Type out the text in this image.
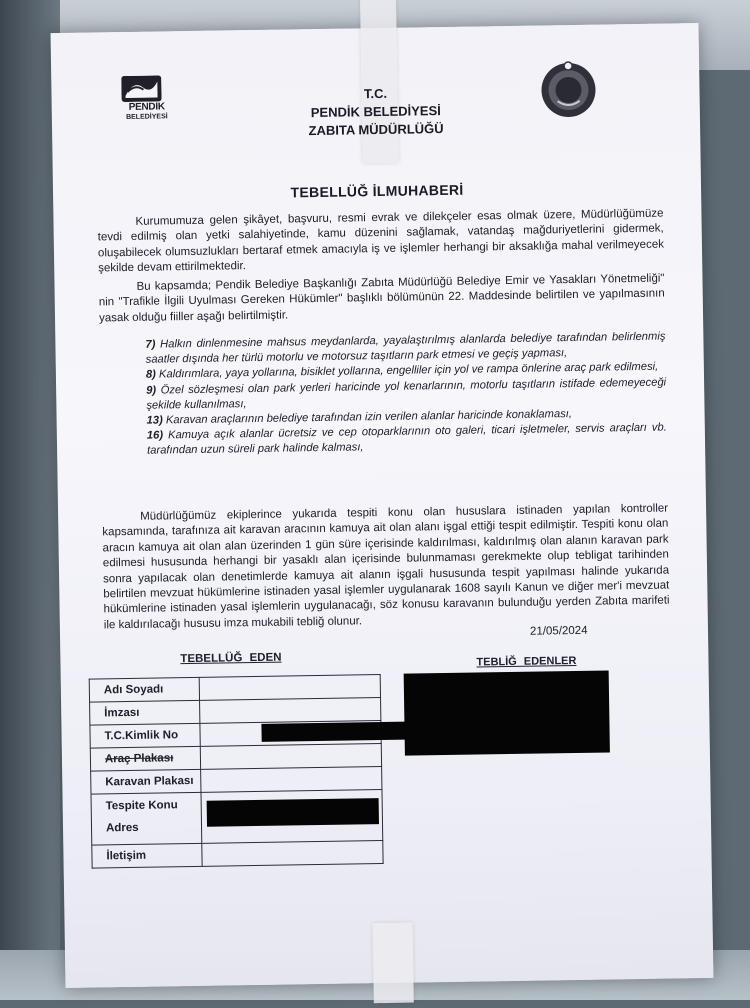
PENDIK
BELEDİYESİ
T.C.
PENDİK BELEDİYESİ
ZABITA MÜDÜRLÜĞÜ
TEBELLÜĞ İLMUHABERİ

Kurumumuza gelen şikâyet, başvuru, resmi evrak ve dilekçeler esas olmak üzere, Müdürlüğümüze tevdi edilmiş olan yetki salahiyetinde, kamu düzenini sağlamak, vatandaş mağduriyetlerini gidermek, oluşabilecek olumsuzlukları bertaraf etmek amacıyla iş ve işlemler herhangi bir aksaklığa mahal verilmeyecek şekilde devam ettirilmektedir.

Bu kapsamda; Pendik Belediye Başkanlığı Zabıta Müdürlüğü Belediye Emir ve Yasakları Yönetmeliği" nin "Trafikle İlgili Uyulması Gereken Hükümler" başlıklı bölümünün 22. Maddesinde belirtilen ve yapılmasının yasak olduğu fiiller aşağı belirtilmiştir.

7) Halkın dinlenmesine mahsus meydanlarda, yayalaştırılmış alanlarda belediye tarafından belirlenmiş saatler dışında her türlü motorlu ve motorsuz taşıtların park etmesi ve geçiş yapması,

8) Kaldırımlara, yaya yollarına, bisiklet yollarına, engelliler için yol ve rampa önlerine araç park edilmesi,

9) Özel sözleşmesi olan park yerleri haricinde yol kenarlarının, motorlu taşıtların istifade edemeyeceği şekilde kullanılması,

13) Karavan araçlarının belediye tarafından izin verilen alanlar haricinde konaklaması,

16) Kamuya açık alanlar ücretsiz ve cep otoparklarının oto galeri, ticari işletmeler, servis araçları vb. tarafından uzun süreli park halinde kalması,

Müdürlüğümüz ekiplerince yukarıda tespiti konu olan hususlara istinaden yapılan kontroller kapsamında, tarafınıza ait karavan aracının kamuya ait olan alanı işgal ettiği tespit edilmiştir. Tespiti konu olan aracın kamuya ait olan alan üzerinden 1 gün süre içerisinde kaldırılması, kaldırılmış olan alanın karavan park edilmesi hususunda herhangi bir yasaklı alan içerisinde bulunmaması gerekmekte olup tebligat tarihinden sonra yapılacak olan denetimlerde kamuya ait alanın işgali hususunda tespit yapılması halinde yukarıda belirtilen mevzuat hükümlerine istinaden yasal işlemler uygulanarak 1608 sayılı Kanun ve diğer mer'i mevzuat hükümlerine istinaden yasal işlemlerin uygulanacağı, söz konusu karavanın bulunduğu yerden Zabıta marifeti ile kaldırılacağı hususu imza mukabili tebliğ olunur.

21/05/2024
TEBELLÜĞ EDEN	TEBLİĞ EDENLER
Adı Soyadı	
İmzası	
T.C.Kimlik No	
Araç Plakası	
Karavan Plakası	
Tespite Konu
Adres	

İletişim	
